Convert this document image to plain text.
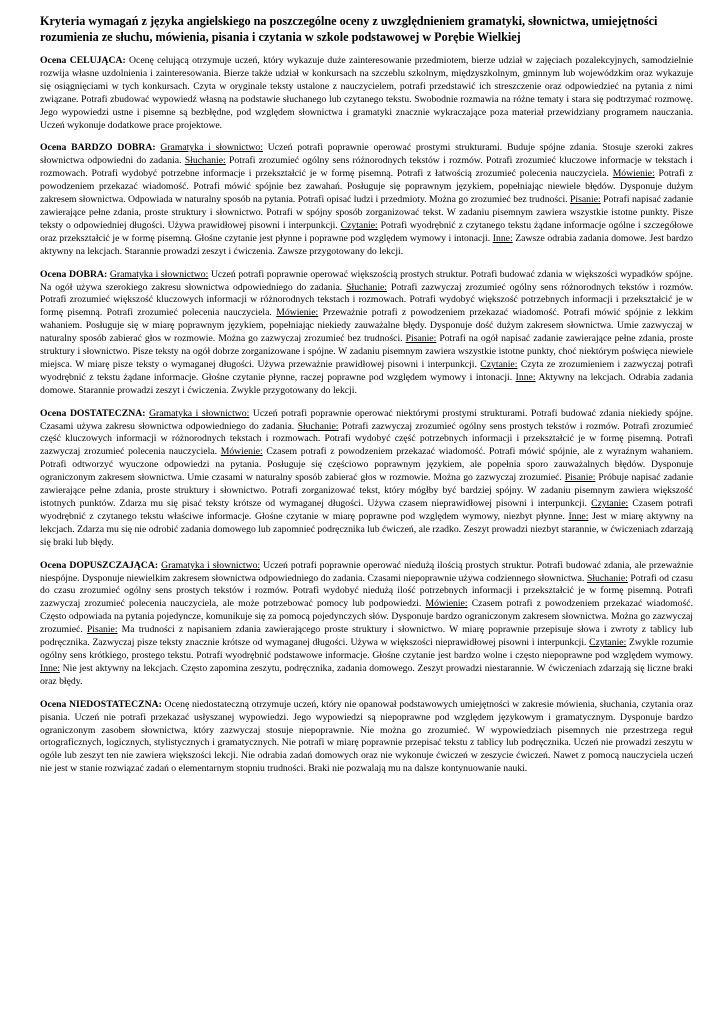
Kryteria wymagań z języka angielskiego na poszczególne oceny z uwzględnieniem gramatyki, słownictwa, umiejętności rozumienia ze słuchu, mówienia, pisania i czytania w szkole podstawowej w Porębie Wielkiej
Ocena CELUJĄCA: Ocenę celującą otrzymuje uczeń, który wykazuje duże zainteresowanie przedmiotem, bierze udział w zajęciach pozalekcyjnych, samodzielnie rozwija własne uzdolnienia i zainteresowania. Bierze także udział w konkursach na szczeblu szkolnym, międzyszkolnym, gminnym lub wojewódzkim oraz wykazuje się osiągnięciami w tych konkursach. Czyta w oryginale teksty ustalone z nauczycielem, potrafi przedstawić ich streszczenie oraz odpowiedzieć na pytania z nimi związane. Potrafi zbudować wypowiedź własną na podstawie słuchanego lub czytanego tekstu. Swobodnie rozmawia na różne tematy i stara się podtrzymać rozmowę. Jego wypowiedzi ustne i pisemne są bezbłędne, pod względem słownictwa i gramatyki znacznie wykraczające poza materiał przewidziany programem nauczania. Uczeń wykonuje dodatkowe prace projektowe.
Ocena BARDZO DOBRA: Gramatyka i słownictwo: Uczeń potrafi poprawnie operować prostymi strukturami. Buduje spójne zdania. Stosuje szeroki zakres słownictwa odpowiedni do zadania. Słuchanie: Potrafi zrozumieć ogólny sens różnorodnych tekstów i rozmów. Potrafi zrozumieć kluczowe informacje w tekstach i rozmowach. Potrafi wydobyć potrzebne informacje i przekształcić je w formę pisemną. Potrafi z łatwością zrozumieć polecenia nauczyciela. Mówienie: Potrafi z powodzeniem przekazać wiadomość. Potrafi mówić spójnie bez zawahań. Posługuje się poprawnym językiem, popełniając niewiele błędów. Dysponuje dużym zakresem słownictwa. Odpowiada w naturalny sposób na pytania. Potrafi opisać ludzi i przedmioty. Można go zrozumieć bez trudności. Pisanie: Potrafi napisać zadanie zawierające pełne zdania, proste struktury i słownictwo. Potrafi w spójny sposób zorganizować tekst. W zadaniu pisemnym zawiera wszystkie istotne punkty. Pisze teksty o odpowiedniej długości. Używa prawidłowej pisowni i interpunkcji. Czytanie: Potrafi wyodrębnić z czytanego tekstu żądane informacje ogólne i szczegółowe oraz przekształcić je w formę pisemną. Głośne czytanie jest płynne i poprawne pod względem wymowy i intonacji. Inne: Zawsze odrabia zadania domowe. Jest bardzo aktywny na lekcjach. Starannie prowadzi zeszyt i ćwiczenia. Zawsze przygotowany do lekcji.
Ocena DOBRA: Gramatyka i słownictwo: Uczeń potrafi poprawnie operować większością prostych struktur. Potrafi budować zdania w większości wypadków spójne. Na ogół używa szerokiego zakresu słownictwa odpowiedniego do zadania. Słuchanie: Potrafi zazwyczaj zrozumieć ogólny sens różnorodnych tekstów i rozmów. Potrafi zrozumieć większość kluczowych informacji w różnorodnych tekstach i rozmowach. Potrafi wydobyć większość potrzebnych informacji i przekształcić je w formę pisemną. Potrafi zrozumieć polecenia nauczyciela. Mówienie: Przeważnie potrafi z powodzeniem przekazać wiadomość. Potrafi mówić spójnie z lekkim wahaniem. Posługuje się w miarę poprawnym językiem, popełniając niekiedy zauważalne błędy. Dysponuje dość dużym zakresem słownictwa. Umie zazwyczaj w naturalny sposób zabierać głos w rozmowie. Można go zazwyczaj zrozumieć bez trudności. Pisanie: Potrafi na ogół napisać zadanie zawierające pełne zdania, proste struktury i słownictwo. Pisze teksty na ogół dobrze zorganizowane i spójne. W zadaniu pisemnym zawiera wszystkie istotne punkty, choć niektórym poświęca niewiele miejsca. W miarę pisze teksty o wymaganej długości. Używa przeważnie prawidłowej pisowni i interpunkcji. Czytanie: Czyta ze zrozumieniem i zazwyczaj potrafi wyodrębnić z tekstu żądane informacje. Głośne czytanie płynne, raczej poprawne pod względem wymowy i intonacji. Inne: Aktywny na lekcjach. Odrabia zadania domowe. Starannie prowadzi zeszyt i ćwiczenia. Zwykle przygotowany do lekcji.
Ocena DOSTATECZNA: Gramatyka i słownictwo: Uczeń potrafi poprawnie operować niektórymi prostymi strukturami. Potrafi budować zdania niekiedy spójne. Czasami używa zakresu słownictwa odpowiedniego do zadania. Słuchanie: Potrafi zazwyczaj zrozumieć ogólny sens prostych tekstów i rozmów. Potrafi zrozumieć część kluczowych informacji w różnorodnych tekstach i rozmowach. Potrafi wydobyć część potrzebnych informacji i przekształcić je w formę pisemną. Potrafi zazwyczaj zrozumieć polecenia nauczyciela. Mówienie: Czasem potrafi z powodzeniem przekazać wiadomość. Potrafi mówić spójnie, ale z wyraźnym wahaniem. Potrafi odtworzyć wyuczone odpowiedzi na pytania. Posługuje się częściowo poprawnym językiem, ale popełnia sporo zauważalnych błędów. Dysponuje ograniczonym zakresem słownictwa. Umie czasami w naturalny sposób zabierać głos w rozmowie. Można go zazwyczaj zrozumieć. Pisanie: Próbuje napisać zadanie zawierające pełne zdania, proste struktury i słownictwo. Potrafi zorganizować tekst, który mógłby być bardziej spójny. W zadaniu pisemnym zawiera większość istotnych punktów. Zdarza mu się pisać teksty krótsze od wymaganej długości. Używa czasem nieprawidłowej pisowni i interpunkcji. Czytanie: Czasem potrafi wyodrębnić z czytanego tekstu właściwe informacje. Głośne czytanie w miarę poprawne pod względem wymowy, niezbyt płynne. Inne: Jest w miarę aktywny na lekcjach. Zdarza mu się nie odrobić zadania domowego lub zapomnieć podręcznika lub ćwiczeń, ale rzadko. Zeszyt prowadzi niezbyt starannie, w ćwiczeniach zdarzają się braki lub błędy.
Ocena DOPUSZCZAJĄCA: Gramatyka i słownictwo: Uczeń potrafi poprawnie operować niedużą ilością prostych struktur. Potrafi budować zdania, ale przeważnie niespójne. Dysponuje niewielkim zakresem słownictwa odpowiedniego do zadania. Czasami niepoprawnie używa codziennego słownictwa. Słuchanie: Potrafi od czasu do czasu zrozumieć ogólny sens prostych tekstów i rozmów. Potrafi wydobyć niedużą ilość potrzebnych informacji i przekształcić je w formę pisemną. Potrafi zazwyczaj zrozumieć polecenia nauczyciela, ale może potrzebować pomocy lub podpowiedzi. Mówienie: Czasem potrafi z powodzeniem przekazać wiadomość. Często odpowiada na pytania pojedyncze, komunikuje się za pomocą pojedynczych słów. Dysponuje bardzo ograniczonym zakresem słownictwa. Można go zazwyczaj zrozumieć. Pisanie: Ma trudności z napisaniem zdania zawierającego proste struktury i słownictwo. W miarę poprawnie przepisuje słowa i zwroty z tablicy lub podręcznika. Zazwyczaj pisze teksty znacznie krótsze od wymaganej długości. Używa w większości nieprawidłowej pisowni i interpunkcji. Czytanie: Zwykle rozumie ogólny sens krótkiego, prostego tekstu. Potrafi wyodrębnić podstawowe informacje. Głośne czytanie jest bardzo wolne i często niepoprawne pod względem wymowy. Inne: Nie jest aktywny na lekcjach. Często zapomina zeszytu, podręcznika, zadania domowego. Zeszyt prowadzi niestarannie. W ćwiczeniach zdarzają się liczne braki oraz błędy.
Ocena NIEDOSTATECZNA: Ocenę niedostateczną otrzymuje uczeń, który nie opanował podstawowych umiejętności w zakresie mówienia, słuchania, czytania oraz pisania. Uczeń nie potrafi przekazać usłyszanej wypowiedzi. Jego wypowiedzi są niepoprawne pod względem językowym i gramatycznym. Dysponuje bardzo ograniczonym zasobem słownictwa, który zazwyczaj stosuje niepoprawnie. Nie można go zrozumieć. W wypowiedziach pisemnych nie przestrzega reguł ortograficznych, logicznych, stylistycznych i gramatycznych. Nie potrafi w miarę poprawnie przepisać tekstu z tablicy lub podręcznika. Uczeń nie prowadzi zeszytu w ogóle lub zeszyt ten nie zawiera większości lekcji. Nie odrabia zadań domowych oraz nie wykonuje ćwiczeń w zeszycie ćwiczeń. Nawet z pomocą nauczyciela uczeń nie jest w stanie rozwiązać zadań o elementarnym stopniu trudności. Braki nie pozwalają mu na dalsze kontynuowanie nauki.
